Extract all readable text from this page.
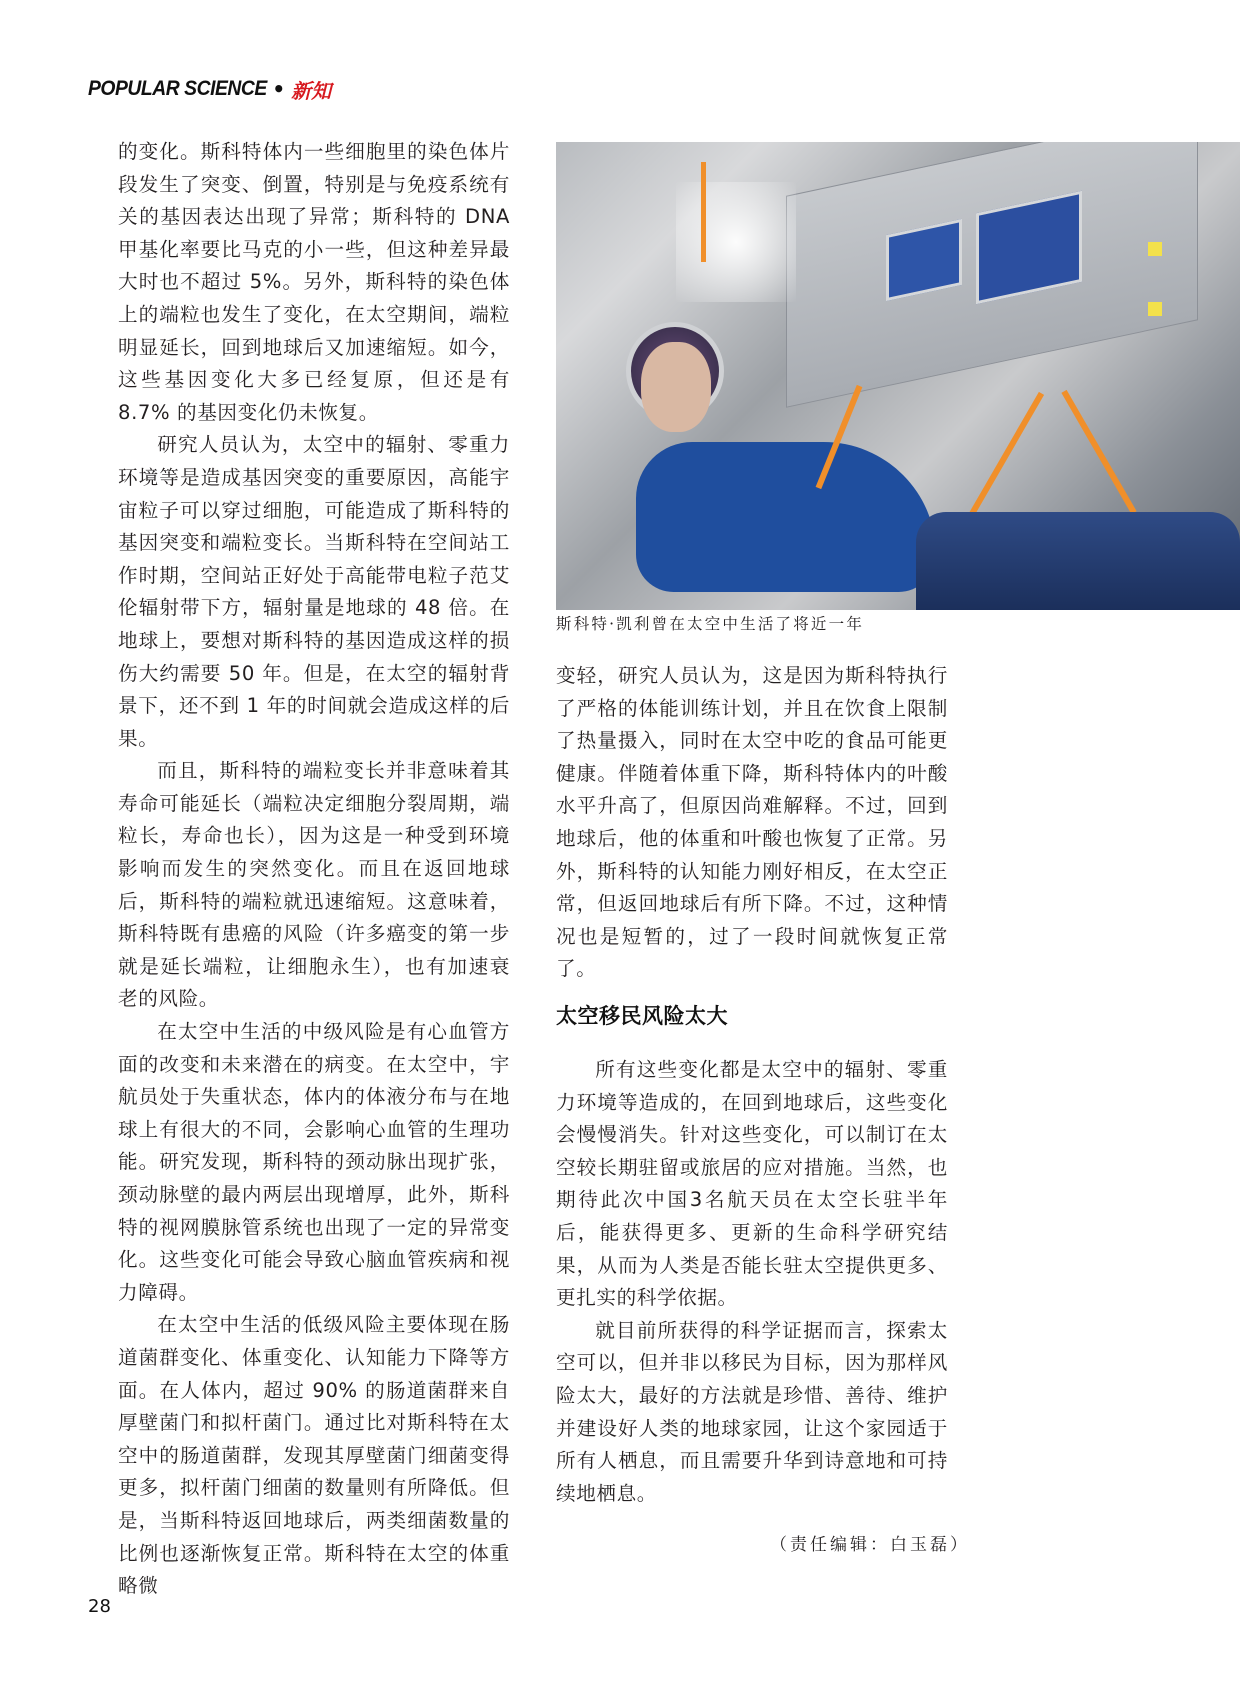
POPULAR SCIENCE • 新知

的变化。斯科特体内一些细胞里的染色体片段发生了突变、倒置，特别是与免疫系统有关的基因表达出现了异常；斯科特的 DNA 甲基化率要比马克的小一些，但这种差异最大时也不超过 5%。另外，斯科特的染色体上的端粒也发生了变化，在太空期间，端粒明显延长，回到地球后又加速缩短。如今，这些基因变化大多已经复原，但还是有 8.7% 的基因变化仍未恢复。

研究人员认为，太空中的辐射、零重力环境等是造成基因突变的重要原因，高能宇宙粒子可以穿过细胞，可能造成了斯科特的基因突变和端粒变长。当斯科特在空间站工作时期，空间站正好处于高能带电粒子范艾伦辐射带下方，辐射量是地球的 48 倍。在地球上，要想对斯科特的基因造成这样的损伤大约需要 50 年。但是，在太空的辐射背景下，还不到 1 年的时间就会造成这样的后果。

而且，斯科特的端粒变长并非意味着其寿命可能延长（端粒决定细胞分裂周期，端粒长，寿命也长），因为这是一种受到环境影响而发生的突然变化。而且在返回地球后，斯科特的端粒就迅速缩短。这意味着，斯科特既有患癌的风险（许多癌变的第一步就是延长端粒，让细胞永生），也有加速衰老的风险。

在太空中生活的中级风险是有心血管方面的改变和未来潜在的病变。在太空中，宇航员处于失重状态，体内的体液分布与在地球上有很大的不同，会影响心血管的生理功能。研究发现，斯科特的颈动脉出现扩张，颈动脉壁的最内两层出现增厚，此外，斯科特的视网膜脉管系统也出现了一定的异常变化。这些变化可能会导致心脑血管疾病和视力障碍。

在太空中生活的低级风险主要体现在肠道菌群变化、体重变化、认知能力下降等方面。在人体内，超过 90% 的肠道菌群来自厚壁菌门和拟杆菌门。通过比对斯科特在太空中的肠道菌群，发现其厚壁菌门细菌变得更多，拟杆菌门细菌的数量则有所降低。但是，当斯科特返回地球后，两类细菌数量的比例也逐渐恢复正常。斯科特在太空的体重略微

斯科特·凯利曾在太空中生活了将近一年

变轻，研究人员认为，这是因为斯科特执行了严格的体能训练计划，并且在饮食上限制了热量摄入，同时在太空中吃的食品可能更健康。伴随着体重下降，斯科特体内的叶酸水平升高了，但原因尚难解释。不过，回到地球后，他的体重和叶酸也恢复了正常。另外，斯科特的认知能力刚好相反，在太空正常，但返回地球后有所下降。不过，这种情况也是短暂的，过了一段时间就恢复正常了。

太空移民风险太大

所有这些变化都是太空中的辐射、零重力环境等造成的，在回到地球后，这些变化会慢慢消失。针对这些变化，可以制订在太空较长期驻留或旅居的应对措施。当然，也期待此次中国3名航天员在太空长驻半年后，能获得更多、更新的生命科学研究结果，从而为人类是否能长驻太空提供更多、更扎实的科学依据。

就目前所获得的科学证据而言，探索太空可以，但并非以移民为目标，因为那样风险太大，最好的方法就是珍惜、善待、维护并建设好人类的地球家园，让这个家园适于所有人栖息，而且需要升华到诗意地和可持续地栖息。

（责任编辑：白玉磊）
28
